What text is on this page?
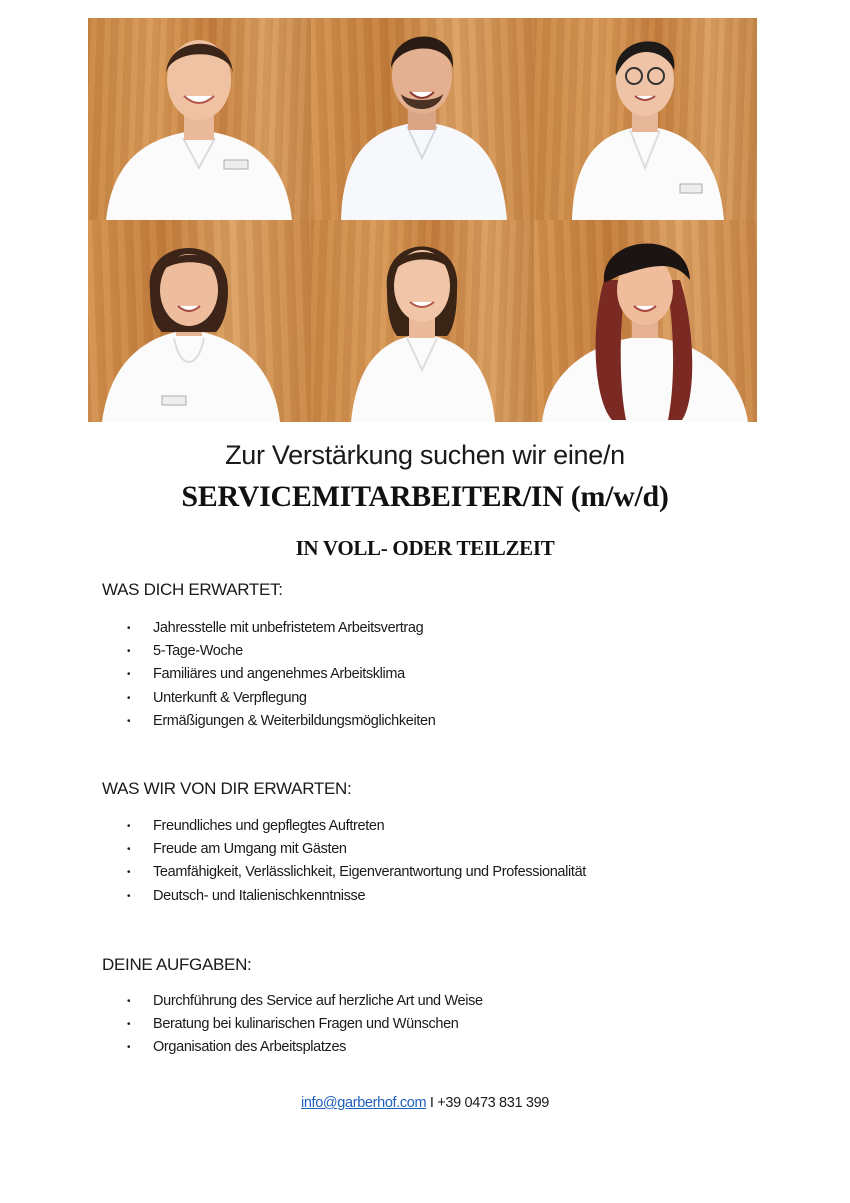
Zur Verstärkung suchen wir eine/n
SERVICEMITARBEITER/IN (m/w/d)
IN VOLL- ODER TEILZEIT
WAS DICH ERWARTET:
• Jahresstelle mit unbefristetem Arbeitsvertrag
• 5-Tage-Woche
• Familiäres und angenehmes Arbeitsklima
• Unterkunft & Verpflegung
• Ermäßigungen & Weiterbildungsmöglichkeiten
WAS WIR VON DIR ERWARTEN:
• Freundliches und gepflegtes Auftreten
• Freude am Umgang mit Gästen
• Teamfähigkeit, Verlässlichkeit, Eigenverantwortung und Professionalität
• Deutsch- und Italienischkenntnisse
DEINE AUFGABEN:
• Durchführung des Service auf herzliche Art und Weise
• Beratung bei kulinarischen Fragen und Wünschen
• Organisation des Arbeitsplatzes
info@garberhof.com I +39 0473 831 399
